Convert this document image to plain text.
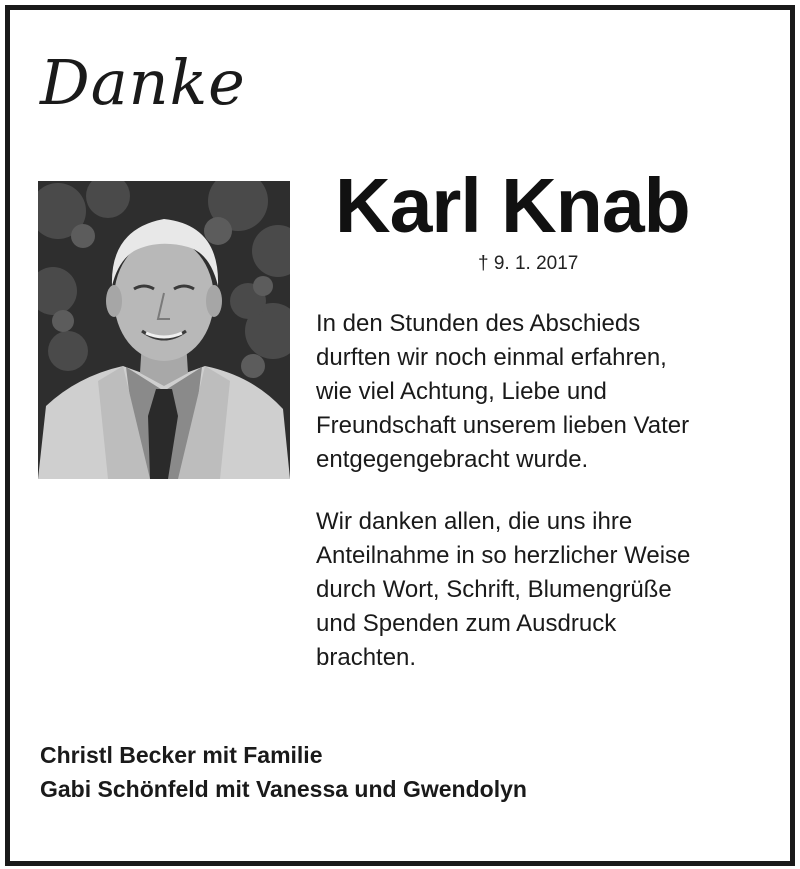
Danke
Karl Knab
† 9. 1. 2017
In den Stunden des Abschieds
durften wir noch einmal erfahren,
wie viel Achtung, Liebe und
Freundschaft unserem lieben Vater
entgegengebracht wurde.
Wir danken allen, die uns ihre
Anteilnahme in so herzlicher Weise
durch Wort, Schrift, Blumengrüße
und Spenden zum Ausdruck
brachten.
Christl Becker mit Familie
Gabi Schönfeld mit Vanessa und Gwendolyn
